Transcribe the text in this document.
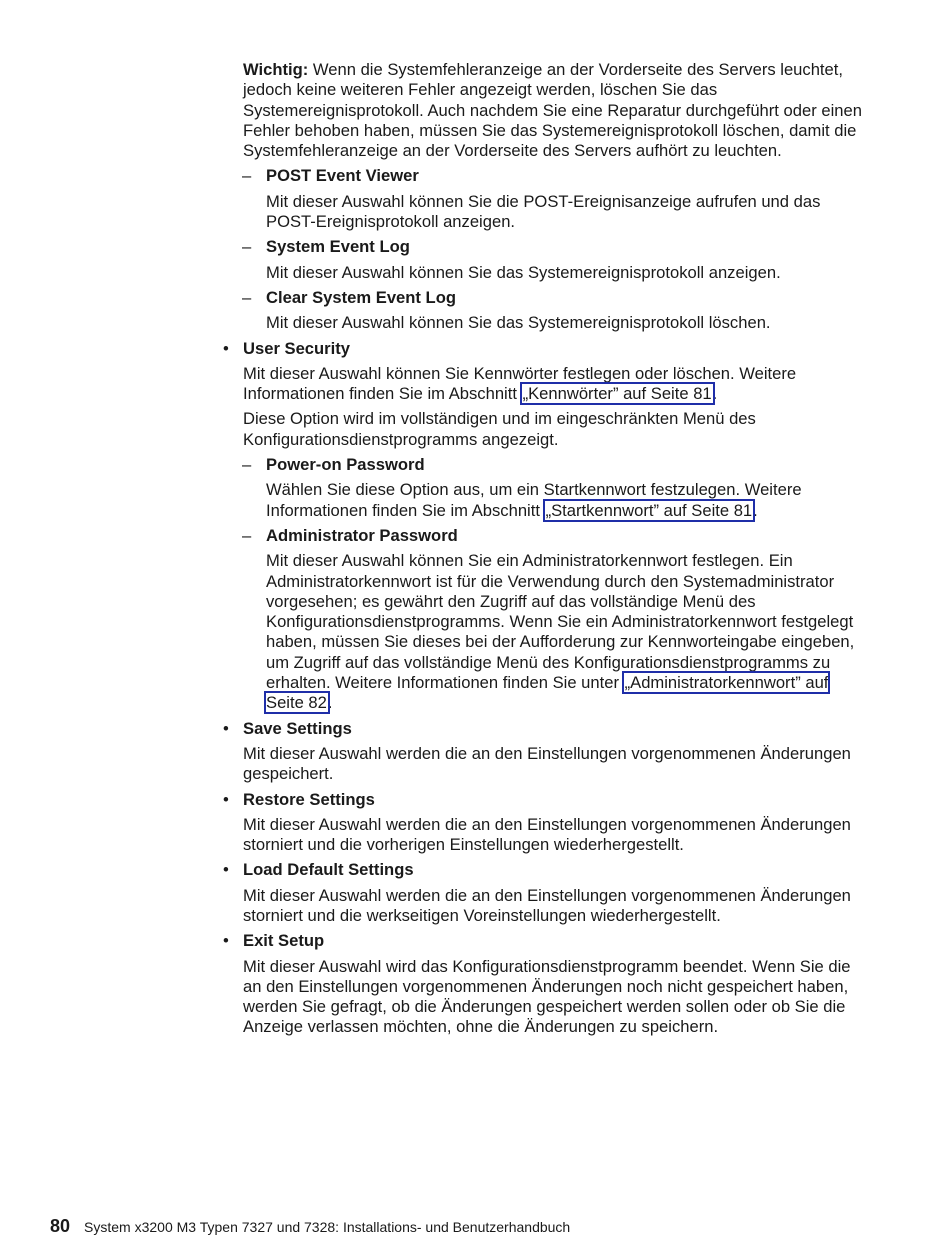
Wichtig: Wenn die Systemfehleranzeige an der Vorderseite des Servers leuchtet, jedoch keine weiteren Fehler angezeigt werden, löschen Sie das Systemereignisprotokoll. Auch nachdem Sie eine Reparatur durchgeführt oder einen Fehler behoben haben, müssen Sie das Systemereignisprotokoll löschen, damit die Systemfehleranzeige an der Vorderseite des Servers aufhört zu leuchten.

– POST Event Viewer

Mit dieser Auswahl können Sie die POST-Ereignisanzeige aufrufen und das POST-Ereignisprotokoll anzeigen.

– System Event Log

Mit dieser Auswahl können Sie das Systemereignisprotokoll anzeigen.

– Clear System Event Log

Mit dieser Auswahl können Sie das Systemereignisprotokoll löschen.

• User Security

Mit dieser Auswahl können Sie Kennwörter festlegen oder löschen. Weitere Informationen finden Sie im Abschnitt „Kennwörter” auf Seite 81.

Diese Option wird im vollständigen und im eingeschränkten Menü des Konfigurationsdienstprogramms angezeigt.

– Power-on Password

Wählen Sie diese Option aus, um ein Startkennwort festzulegen. Weitere Informationen finden Sie im Abschnitt „Startkennwort” auf Seite 81.

– Administrator Password

Mit dieser Auswahl können Sie ein Administratorkennwort festlegen. Ein Administratorkennwort ist für die Verwendung durch den Systemadministrator vorgesehen; es gewährt den Zugriff auf das vollständige Menü des Konfigurationsdienstprogramms. Wenn Sie ein Administratorkennwort festgelegt haben, müssen Sie dieses bei der Aufforderung zur Kennworteingabe eingeben, um Zugriff auf das vollständige Menü des Konfigurationsdienstprogramms zu erhalten. Weitere Informationen finden Sie unter „Administratorkennwort” auf Seite 82.

• Save Settings

Mit dieser Auswahl werden die an den Einstellungen vorgenommenen Änderungen gespeichert.

• Restore Settings

Mit dieser Auswahl werden die an den Einstellungen vorgenommenen Änderungen storniert und die vorherigen Einstellungen wiederhergestellt.

• Load Default Settings

Mit dieser Auswahl werden die an den Einstellungen vorgenommenen Änderungen storniert und die werkseitigen Voreinstellungen wiederhergestellt.

• Exit Setup

Mit dieser Auswahl wird das Konfigurationsdienstprogramm beendet. Wenn Sie die an den Einstellungen vorgenommenen Änderungen noch nicht gespeichert haben, werden Sie gefragt, ob die Änderungen gespeichert werden sollen oder ob Sie die Anzeige verlassen möchten, ohne die Änderungen zu speichern.

80 System x3200 M3 Typen 7327 und 7328: Installations- und Benutzerhandbuch
